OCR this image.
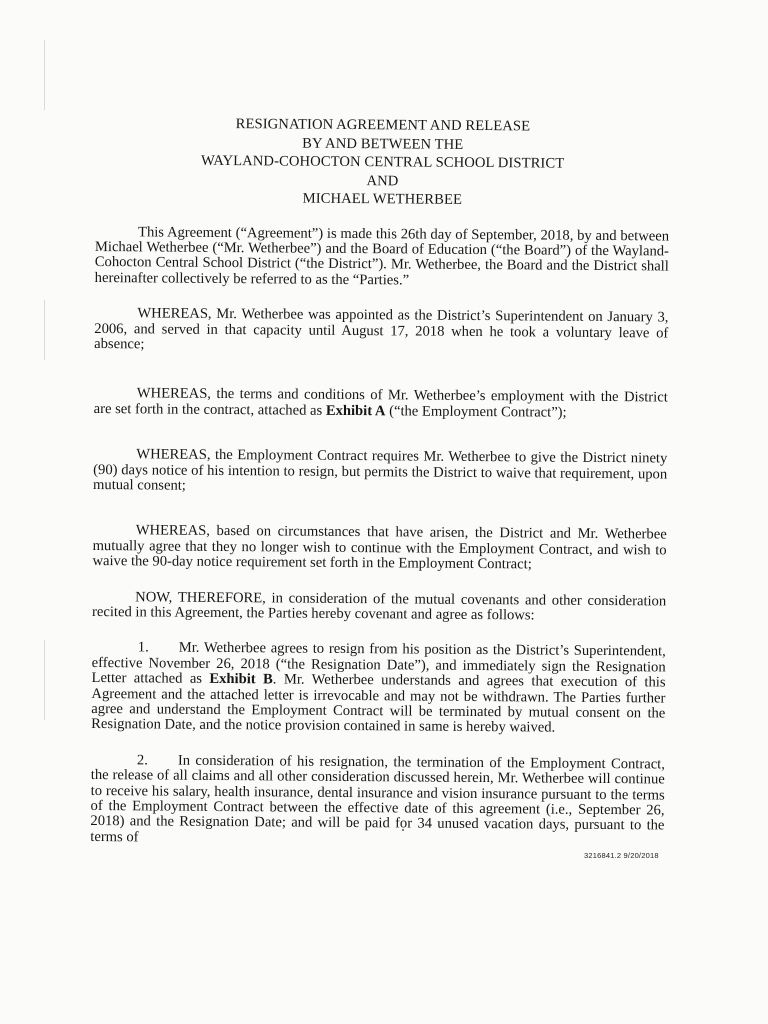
RESIGNATION AGREEMENT AND RELEASE
BY AND BETWEEN THE
WAYLAND-COHOCTON CENTRAL SCHOOL DISTRICT
AND
MICHAEL WETHERBEE

This Agreement (“Agreement”) is made this 26th day of September, 2018, by and between Michael Wetherbee (“Mr. Wetherbee”) and the Board of Education (“the Board”) of the Wayland-Cohocton Central School District (“the District”). Mr. Wetherbee, the Board and the District shall hereinafter collectively be referred to as the “Parties.”

WHEREAS, Mr. Wetherbee was appointed as the District’s Superintendent on January 3, 2006, and served in that capacity until August 17, 2018 when he took a voluntary leave of absence;

WHEREAS, the terms and conditions of Mr. Wetherbee’s employment with the District are set forth in the contract, attached as Exhibit A (“the Employment Contract”);

WHEREAS, the Employment Contract requires Mr. Wetherbee to give the District ninety (90) days notice of his intention to resign, but permits the District to waive that requirement, upon mutual consent;

WHEREAS, based on circumstances that have arisen, the District and Mr. Wetherbee mutually agree that they no longer wish to continue with the Employment Contract, and wish to waive the 90-day notice requirement set forth in the Employment Contract;

NOW, THEREFORE, in consideration of the mutual covenants and other consideration recited in this Agreement, the Parties hereby covenant and agree as follows:

1. Mr. Wetherbee agrees to resign from his position as the District’s Superintendent, effective November 26, 2018 (“the Resignation Date”), and immediately sign the Resignation Letter attached as Exhibit B. Mr. Wetherbee understands and agrees that execution of this Agreement and the attached letter is irrevocable and may not be withdrawn. The Parties further agree and understand the Employment Contract will be terminated by mutual consent on the Resignation Date, and the notice provision contained in same is hereby waived.

2. In consideration of his resignation, the termination of the Employment Contract, the release of all claims and all other consideration discussed herein, Mr. Wetherbee will continue to receive his salary, health insurance, dental insurance and vision insurance pursuant to the terms of the Employment Contract between the effective date of this agreement (i.e., September 26, 2018) and the Resignation Date; and will be paid for 34 unused vacation days, pursuant to the terms of

3216841.2 9/20/2018
